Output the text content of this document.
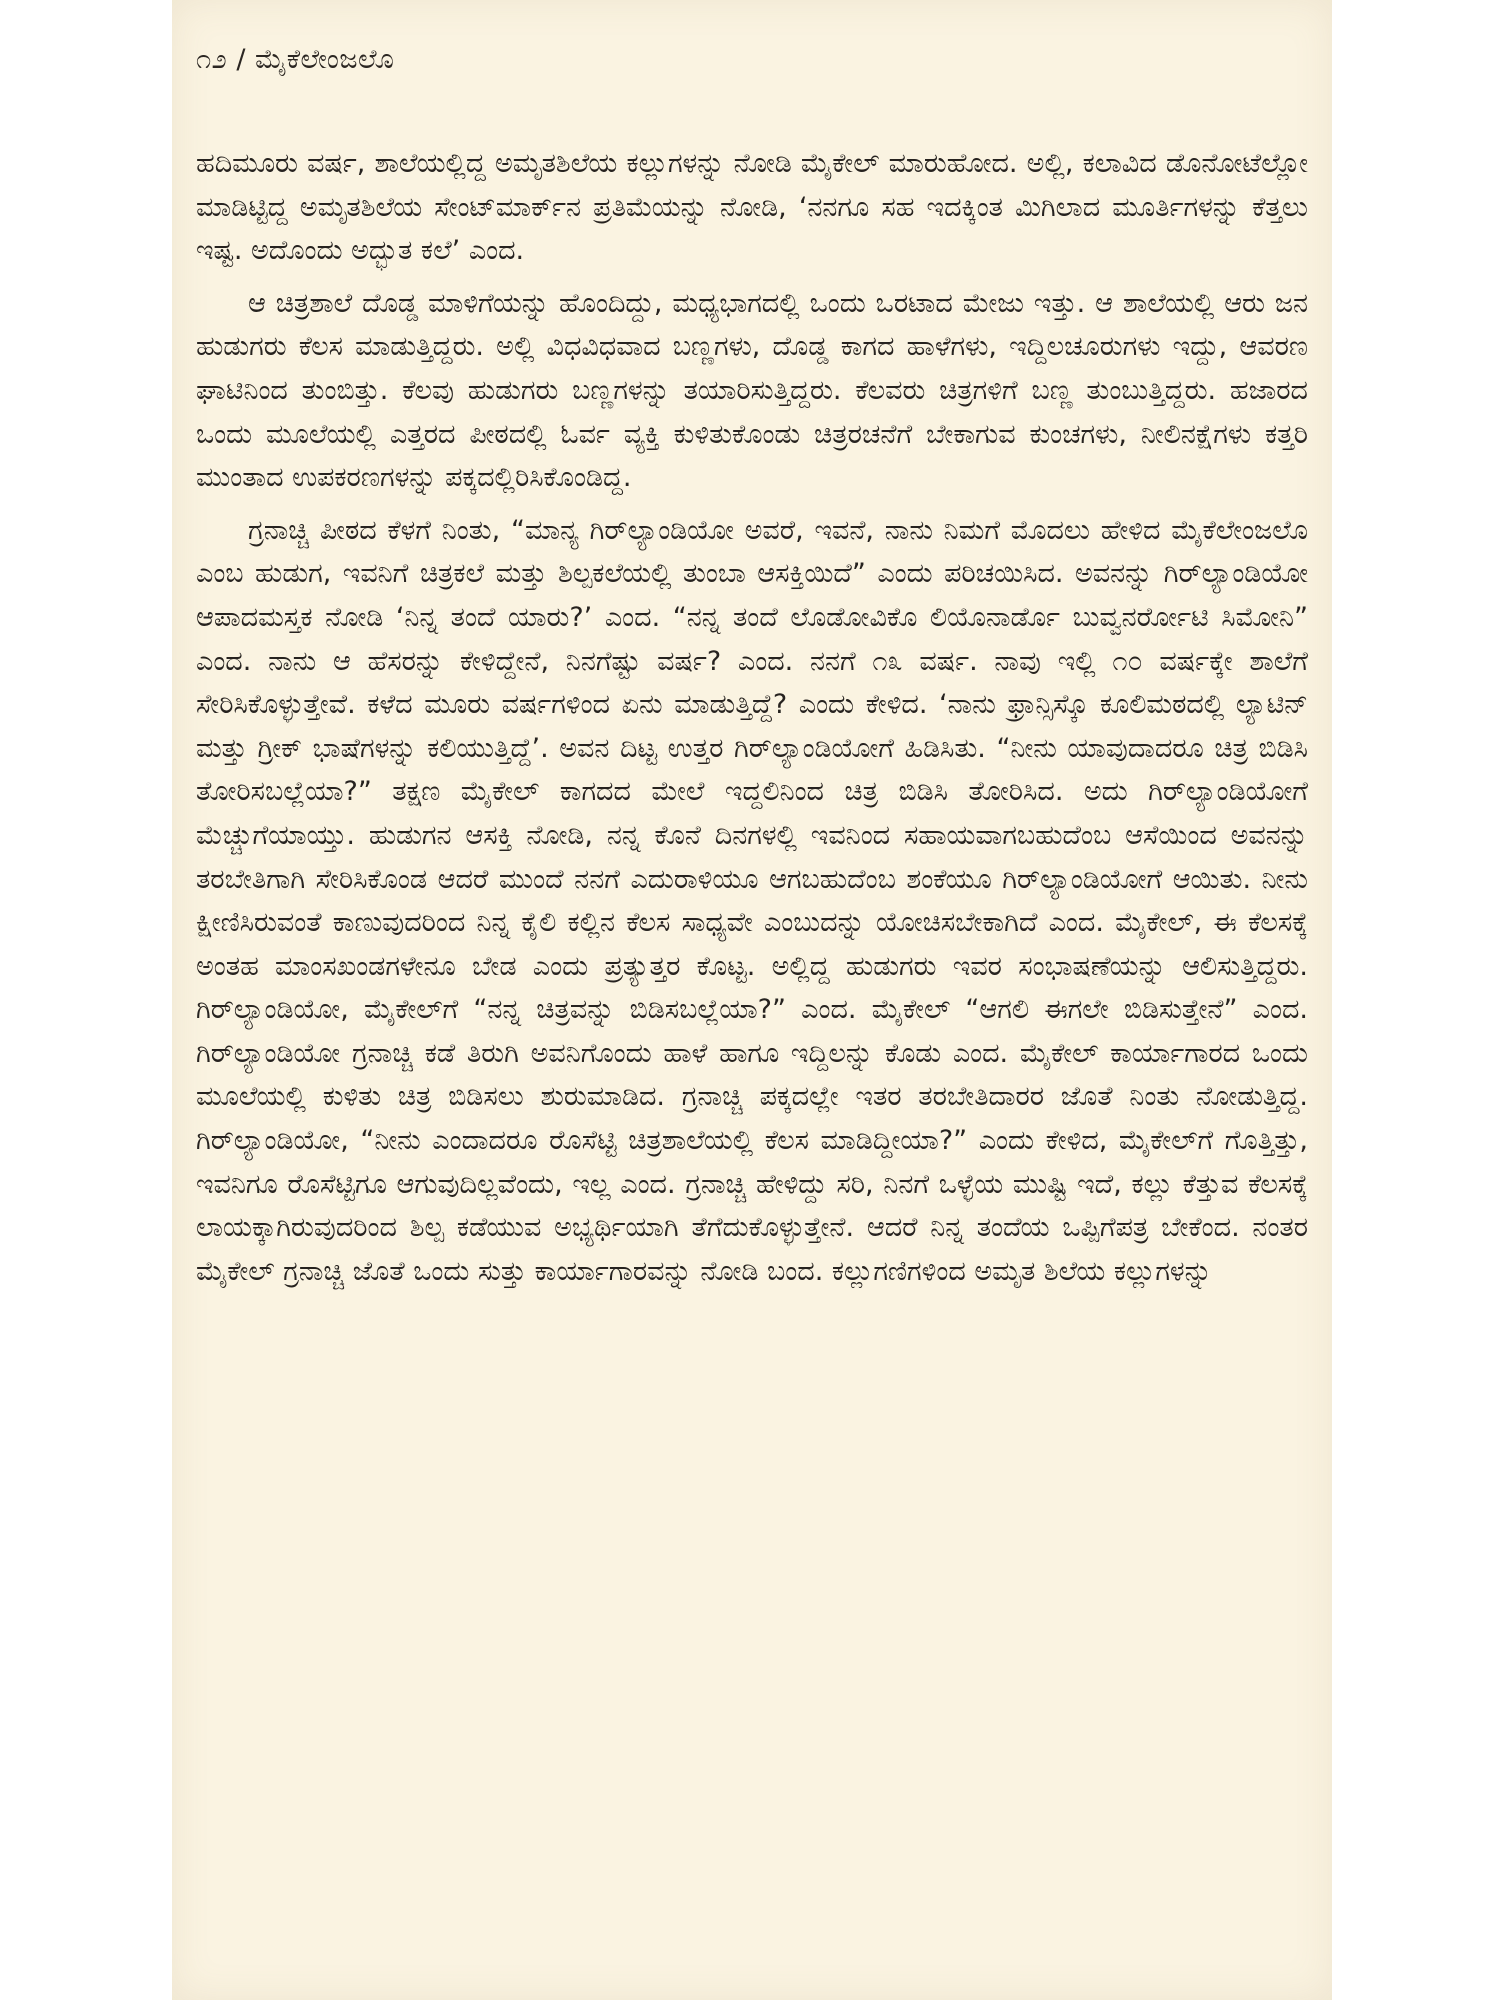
೧೨ / ಮೈಕೆಲೇಂಜಲೊ

ಹದಿಮೂರು ವರ್ಷ, ಶಾಲೆಯಲ್ಲಿದ್ದ ಅಮೃತಶಿಲೆಯ ಕಲ್ಲುಗಳನ್ನು ನೋಡಿ ಮೈಕೇಲ್ ಮಾರುಹೋದ. ಅಲ್ಲಿ, ಕಲಾವಿದ ಡೊನೋಟೆಲ್ಲೋ ಮಾಡಿಟ್ಟಿದ್ದ ಅಮೃತಶಿಲೆಯ ಸೇಂಟ್‌ಮಾರ್ಕ್‌ನ ಪ್ರತಿಮೆಯನ್ನು ನೋಡಿ, ‘ನನಗೂ ಸಹ ಇದಕ್ಕಿಂತ ಮಿಗಿಲಾದ ಮೂರ್ತಿಗಳನ್ನು ಕೆತ್ತಲು ಇಷ್ಟ. ಅದೊಂದು ಅದ್ಭುತ ಕಲೆ’ ಎಂದ.

ಆ ಚಿತ್ರಶಾಲೆ ದೊಡ್ಡ ಮಾಳಿಗೆಯನ್ನು ಹೊಂದಿದ್ದು, ಮಧ್ಯಭಾಗದಲ್ಲಿ ಒಂದು ಒರಟಾದ ಮೇಜು ಇತ್ತು. ಆ ಶಾಲೆಯಲ್ಲಿ ಆರು ಜನ ಹುಡುಗರು ಕೆಲಸ ಮಾಡುತ್ತಿದ್ದರು. ಅಲ್ಲಿ ವಿಧವಿಧವಾದ ಬಣ್ಣಗಳು, ದೊಡ್ಡ ಕಾಗದ ಹಾಳೆಗಳು, ಇದ್ದಿಲಚೂರುಗಳು ಇದ್ದು, ಆವರಣ ಘಾಟಿನಿಂದ ತುಂಬಿತ್ತು. ಕೆಲವು ಹುಡುಗರು ಬಣ್ಣಗಳನ್ನು ತಯಾರಿಸುತ್ತಿದ್ದರು. ಕೆಲವರು ಚಿತ್ರಗಳಿಗೆ ಬಣ್ಣ ತುಂಬುತ್ತಿದ್ದರು. ಹಜಾರದ ಒಂದು ಮೂಲೆಯಲ್ಲಿ ಎತ್ತರದ ಪೀಠದಲ್ಲಿ ಓರ್ವ ವ್ಯಕ್ತಿ ಕುಳಿತುಕೊಂಡು ಚಿತ್ರರಚನೆಗೆ ಬೇಕಾಗುವ ಕುಂಚಗಳು, ನೀಲಿನಕ್ಷೆಗಳು ಕತ್ತರಿ ಮುಂತಾದ ಉಪಕರಣಗಳನ್ನು ಪಕ್ಕದಲ್ಲಿರಿಸಿಕೊಂಡಿದ್ದ.

ಗ್ರನಾಚ್ಚಿ ಪೀಠದ ಕೆಳಗೆ ನಿಂತು, “ಮಾನ್ಯ ಗಿರ್‌ಲ್ಯಾಂಡಿಯೋ ಅವರೆ, ಇವನೆ, ನಾನು ನಿಮಗೆ ಮೊದಲು ಹೇಳಿದ ಮೈಕೆಲೇಂಜಲೊ ಎಂಬ ಹುಡುಗ, ಇವನಿಗೆ ಚಿತ್ರಕಲೆ ಮತ್ತು ಶಿಲ್ಪಕಲೆಯಲ್ಲಿ ತುಂಬಾ ಆಸಕ್ತಿಯಿದೆ” ಎಂದು ಪರಿಚಯಿಸಿದ. ಅವನನ್ನು ಗಿರ್‌ಲ್ಯಾಂಡಿಯೋ ಆಪಾದಮಸ್ತಕ ನೋಡಿ ‘ನಿನ್ನ ತಂದೆ ಯಾರು?’ ಎಂದ. “ನನ್ನ ತಂದೆ ಲೊಡೋವಿಕೊ ಲಿಯೊನಾರ್ಡೊ ಬುವ್ವನರ್ರೋಟಿ ಸಿಮೋನಿ” ಎಂದ. ನಾನು ಆ ಹೆಸರನ್ನು ಕೇಳಿದ್ದೇನೆ, ನಿನಗೆಷ್ಟು ವರ್ಷ? ಎಂದ. ನನಗೆ ೧೩ ವರ್ಷ. ನಾವು ಇಲ್ಲಿ ೧೦ ವರ್ಷಕ್ಕೇ ಶಾಲೆಗೆ ಸೇರಿಸಿಕೊಳ್ಳುತ್ತೇವೆ. ಕಳೆದ ಮೂರು ವರ್ಷಗಳಿಂದ ಏನು ಮಾಡುತ್ತಿದ್ದೆ? ಎಂದು ಕೇಳಿದ. ‘ನಾನು ಫ್ರಾನ್ಸಿಸ್ಕೊ ಕೂಲಿಮಠದಲ್ಲಿ ಲ್ಯಾಟಿನ್ ಮತ್ತು ಗ್ರೀಕ್ ಭಾಷೆಗಳನ್ನು ಕಲಿಯುತ್ತಿದ್ದೆ’. ಅವನ ದಿಟ್ಟ ಉತ್ತರ ಗಿರ್‌ಲ್ಯಾಂಡಿಯೋಗೆ ಹಿಡಿಸಿತು. “ನೀನು ಯಾವುದಾದರೂ ಚಿತ್ರ ಬಿಡಿಸಿ ತೋರಿಸಬಲ್ಲೆಯಾ?” ತಕ್ಷಣ ಮೈಕೇಲ್ ಕಾಗದದ ಮೇಲೆ ಇದ್ದಲಿನಿಂದ ಚಿತ್ರ ಬಿಡಿಸಿ ತೋರಿಸಿದ. ಅದು ಗಿರ್‌ಲ್ಯಾಂಡಿಯೋಗೆ ಮೆಚ್ಚುಗೆಯಾಯ್ತು. ಹುಡುಗನ ಆಸಕ್ತಿ ನೋಡಿ, ನನ್ನ ಕೊನೆ ದಿನಗಳಲ್ಲಿ ಇವನಿಂದ ಸಹಾಯವಾಗಬಹುದೆಂಬ ಆಸೆಯಿಂದ ಅವನನ್ನು ತರಬೇತಿಗಾಗಿ ಸೇರಿಸಿಕೊಂಡ ಆದರೆ ಮುಂದೆ ನನಗೆ ಎದುರಾಳಿಯೂ ಆಗಬಹುದೆಂಬ ಶಂಕೆಯೂ ಗಿರ್‌ಲ್ಯಾಂಡಿಯೋಗೆ ಆಯಿತು. ನೀನು ಕ್ಷೀಣಿಸಿರುವಂತೆ ಕಾಣುವುದರಿಂದ ನಿನ್ನ ಕೈಲಿ ಕಲ್ಲಿನ ಕೆಲಸ ಸಾಧ್ಯವೇ ಎಂಬುದನ್ನು ಯೋಚಿಸಬೇಕಾಗಿದೆ ಎಂದ. ಮೈಕೇಲ್, ಈ ಕೆಲಸಕ್ಕೆ ಅಂತಹ ಮಾಂಸಖಂಡಗಳೇನೂ ಬೇಡ ಎಂದು ಪ್ರತ್ಯುತ್ತರ ಕೊಟ್ಟ. ಅಲ್ಲಿದ್ದ ಹುಡುಗರು ಇವರ ಸಂಭಾಷಣೆಯನ್ನು ಆಲಿಸುತ್ತಿದ್ದರು. ಗಿರ್‌ಲ್ಯಾಂಡಿಯೋ, ಮೈಕೇಲ್‌ಗೆ “ನನ್ನ ಚಿತ್ರವನ್ನು ಬಿಡಿಸಬಲ್ಲೆಯಾ?” ಎಂದ. ಮೈಕೇಲ್ “ಆಗಲಿ ಈಗಲೇ ಬಿಡಿಸುತ್ತೇನೆ” ಎಂದ. ಗಿರ್‌ಲ್ಯಾಂಡಿಯೋ ಗ್ರನಾಚ್ಚಿ ಕಡೆ ತಿರುಗಿ ಅವನಿಗೊಂದು ಹಾಳೆ ಹಾಗೂ ಇದ್ದಿಲನ್ನು ಕೊಡು ಎಂದ. ಮೈಕೇಲ್ ಕಾರ್ಯಾಗಾರದ ಒಂದು ಮೂಲೆಯಲ್ಲಿ ಕುಳಿತು ಚಿತ್ರ ಬಿಡಿಸಲು ಶುರುಮಾಡಿದ. ಗ್ರನಾಚ್ಚಿ ಪಕ್ಕದಲ್ಲೇ ಇತರ ತರಬೇತಿದಾರರ ಜೊತೆ ನಿಂತು ನೋಡುತ್ತಿದ್ದ. ಗಿರ್‌ಲ್ಯಾಂಡಿಯೋ, “ನೀನು ಎಂದಾದರೂ ರೊಸೆಟ್ಟಿ ಚಿತ್ರಶಾಲೆಯಲ್ಲಿ ಕೆಲಸ ಮಾಡಿದ್ದೀಯಾ?” ಎಂದು ಕೇಳಿದ, ಮೈಕೇಲ್‌ಗೆ ಗೊತ್ತಿತ್ತು, ಇವನಿಗೂ ರೊಸೆಟ್ಟಿಗೂ ಆಗುವುದಿಲ್ಲವೆಂದು, ಇಲ್ಲ ಎಂದ. ಗ್ರನಾಚ್ಚಿ ಹೇಳಿದ್ದು ಸರಿ, ನಿನಗೆ ಒಳ್ಳೆಯ ಮುಷ್ಟಿ ಇದೆ, ಕಲ್ಲು ಕೆತ್ತುವ ಕೆಲಸಕ್ಕೆ ಲಾಯಕ್ಕಾಗಿರುವುದರಿಂದ ಶಿಲ್ಪ ಕಡೆಯುವ ಅಭ್ಯರ್ಥಿಯಾಗಿ ತೆಗೆದುಕೊಳ್ಳುತ್ತೇನೆ. ಆದರೆ ನಿನ್ನ ತಂದೆಯ ಒಪ್ಪಿಗೆಪತ್ರ ಬೇಕೆಂದ. ನಂತರ ಮೈಕೇಲ್ ಗ್ರನಾಚ್ಚಿ ಜೊತೆ ಒಂದು ಸುತ್ತು ಕಾರ್ಯಾಗಾರವನ್ನು ನೋಡಿ ಬಂದ. ಕಲ್ಲುಗಣಿಗಳಿಂದ ಅಮೃತ ಶಿಲೆಯ ಕಲ್ಲುಗಳನ್ನು
